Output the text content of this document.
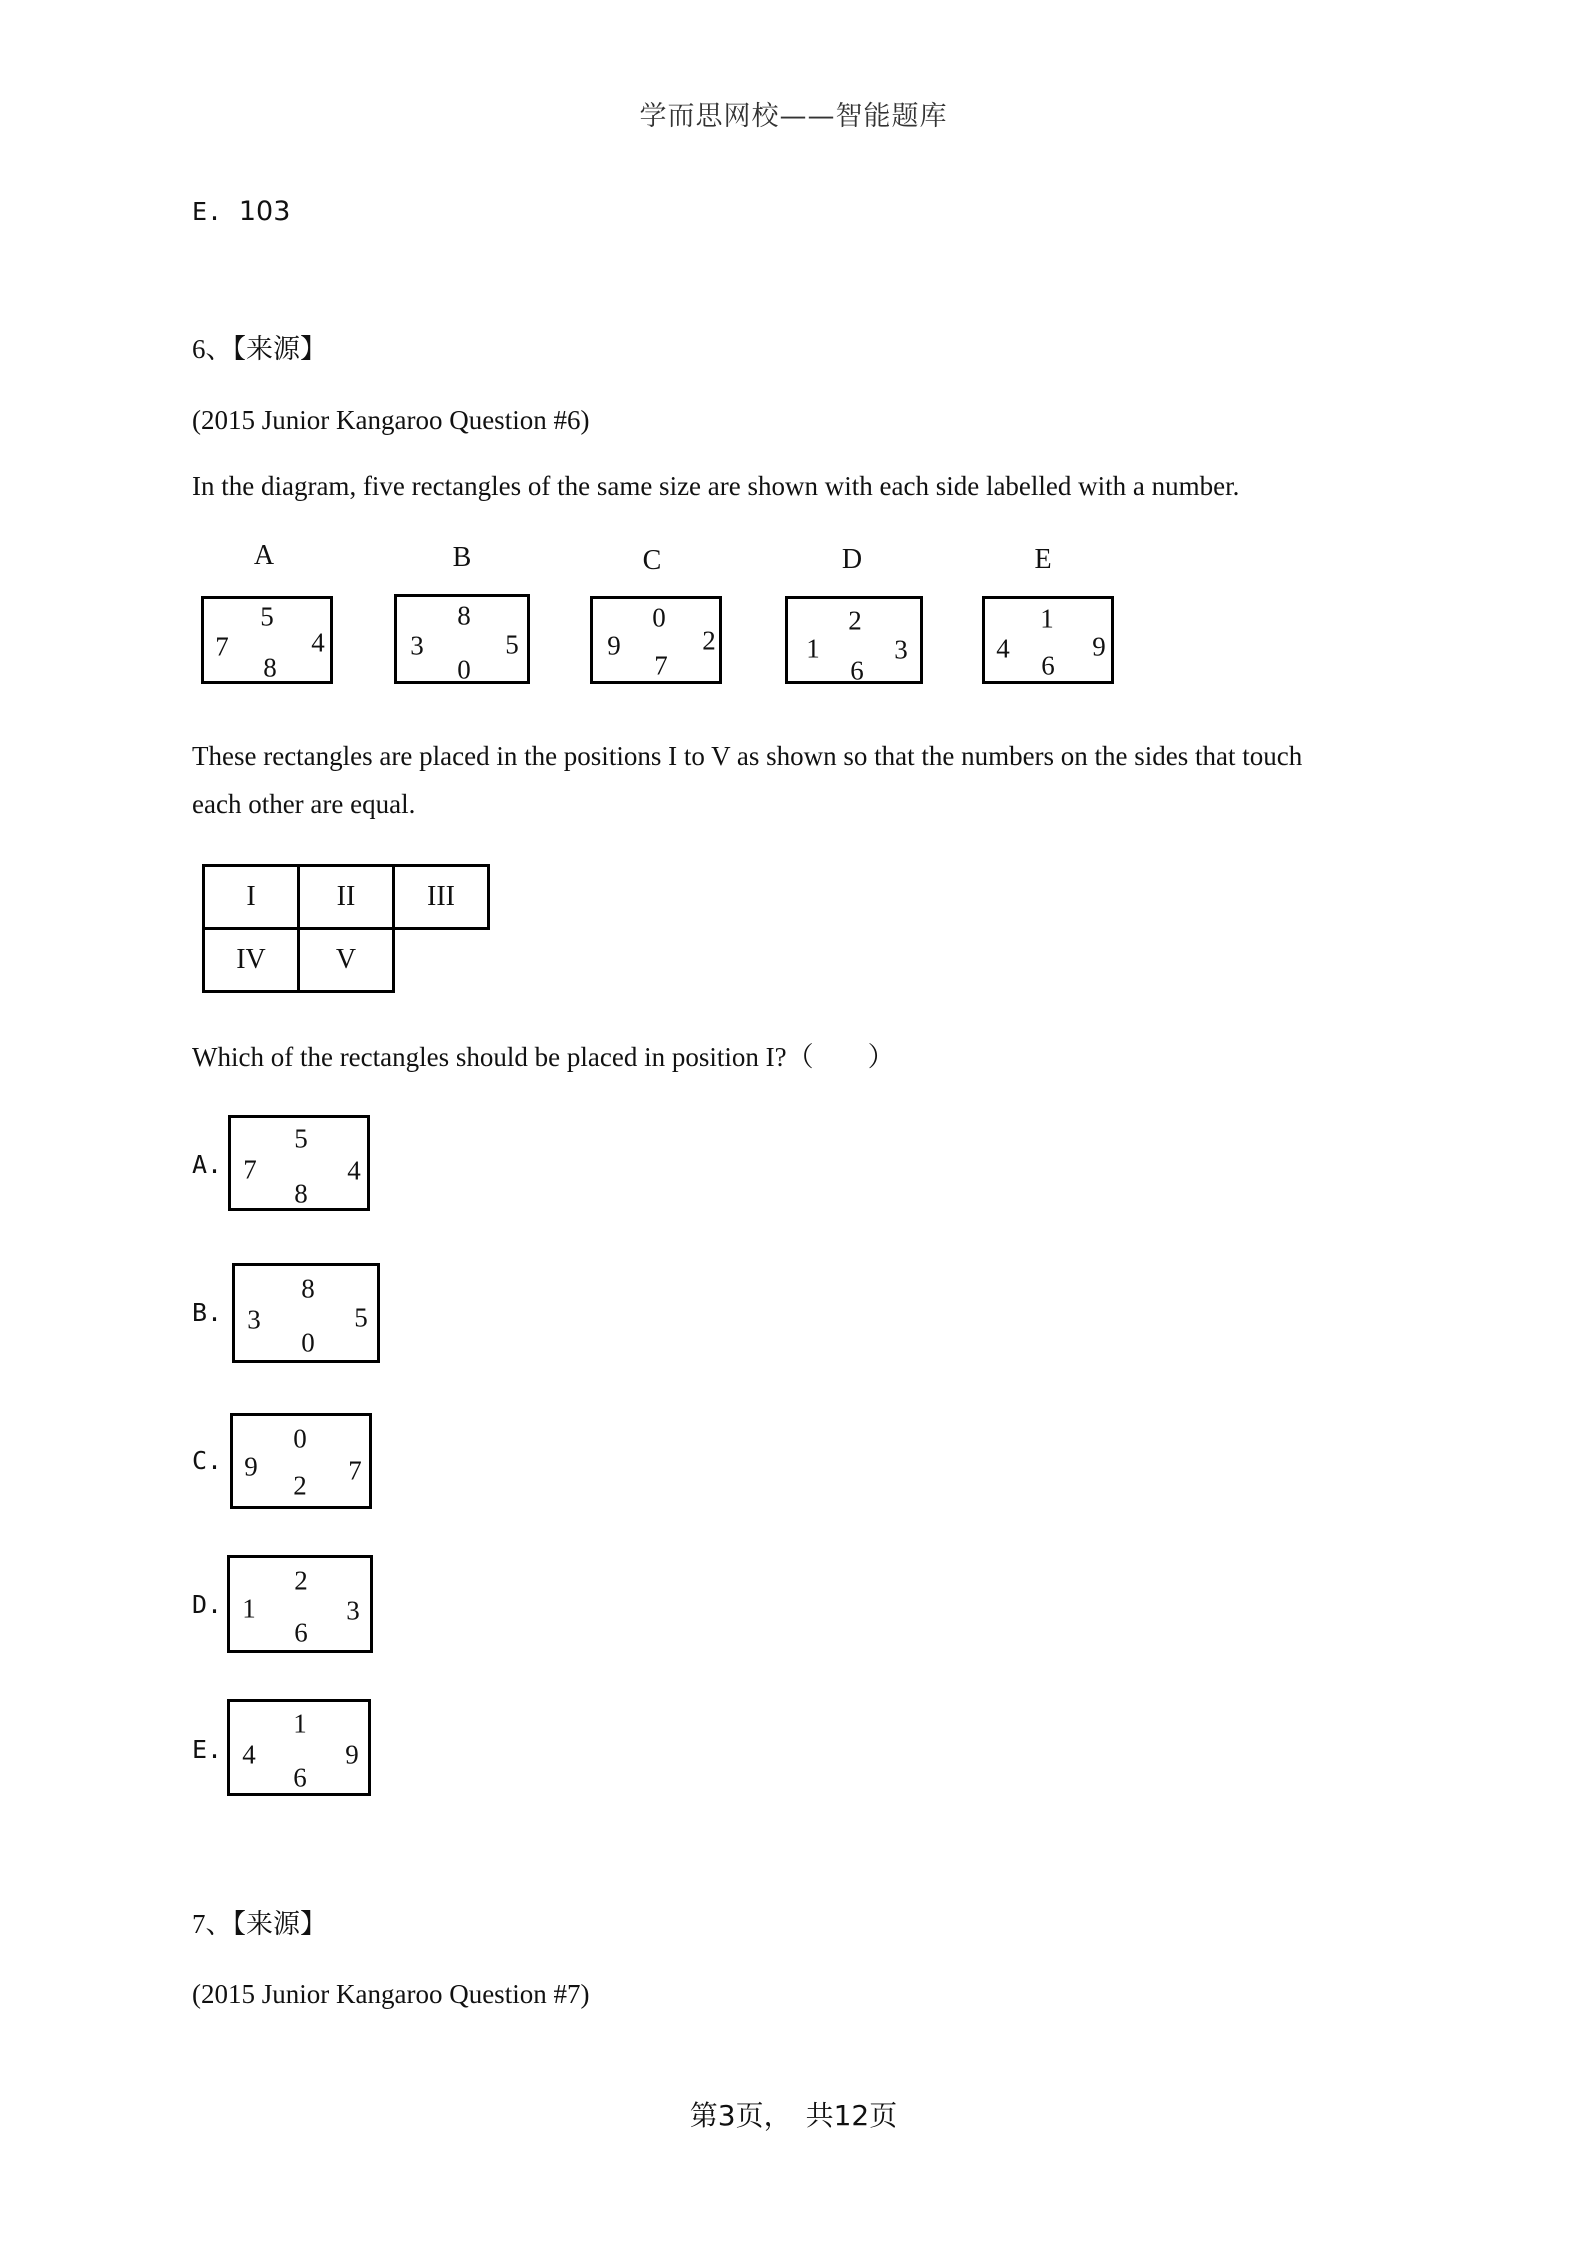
学而思网校——智能题库
E. 103
6、【来源】
(2015 Junior Kangaroo Question #6)
In the diagram, five rectangles of the same size are shown with each side labelled with a number.
A	B	C	D	E
5
7	4
8
8
3	5
0
0
9	2
7
2
1	3
6
1
4	9
6
These rectangles are placed in the positions I to V as shown so that the numbers on the sides that touch
each other are equal.
I	II	III
IV	V	
Which of the rectangles should be placed in position I?（　　）
A.
5
7	4
8
B.
8
3	5
0
C.
0
9	7
2
D.
2
1	3
6
E.
1
4	9
6
7、【来源】
(2015 Junior Kangaroo Question #7)
第3页，　共12页
